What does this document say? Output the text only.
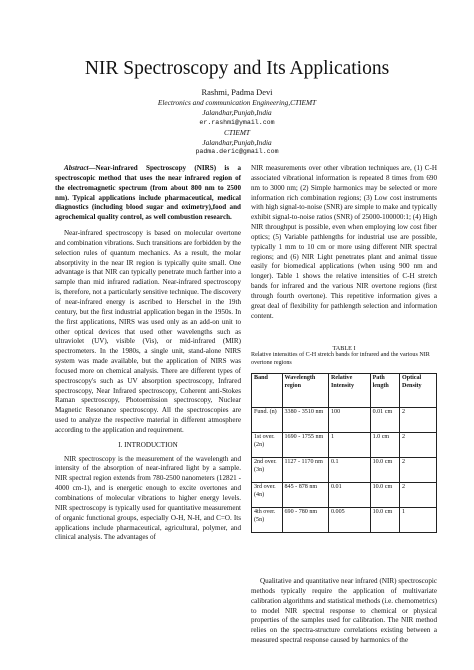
NIR Spectroscopy and Its Applications
Rashmi, Padma Devi
Electronics and communication Engineering,CTIEMT
Jalandhar,Punjab,India
er.rashmi@ymail.com
CTIEMT
Jalandhar,Punjab,India
padma.deric@gmail.com

Abstract—Near-infrared Spectroscopy (NIRS) is a spectroscopic method that uses the near infrared region of the electromagnetic spectrum (from about 800 nm to 2500 nm). Typical applications include pharmaceutical, medical diagnostics (including blood sugar and oximetry),food and agrochemical quality control, as well combustion research.

Near-infrared spectroscopy is based on molecular overtone and combination vibrations. Such transitions are forbidden by the selection rules of quantum mechanics. As a result, the molar absorptivity in the near IR region is typically quite small. One advantage is that NIR can typically penetrate much farther into a sample than mid infrared radiation. Near-infrared spectroscopy is, therefore, not a particularly sensitive technique. The discovery of near-infrared energy is ascribed to Herschel in the 19th century, but the first industrial application began in the 1950s. In the first applications, NIRS was used only as an add-on unit to other optical devices that used other wavelengths such as ultraviolet (UV), visible (Vis), or mid-infrared (MIR) spectrometers. In the 1980s, a single unit, stand-alone NIRS system was made available, but the application of NIRS was focused more on chemical analysis. There are different types of spectroscopy's such as UV absorption spectroscopy, Infrared spectroscopy, Near Infrared spectroscopy, Coherent anti-Stokes Raman spectroscopy, Photoemission spectroscopy, Nuclear Magnetic Resonance spectroscopy. All the spectroscopies are used to analyze the respective material in different atmosphere according to the application and requirement.

I. INTRODUCTION

NIR spectroscopy is the measurement of the wavelength and intensity of the absorption of near-infrared light by a sample. NIR spectral region extends from 780-2500 nanometers (12821 - 4000 cm-1), and is energetic enough to excite overtones and combinations of molecular vibrations to higher energy levels. NIR spectroscopy is typically used for quantitative measurement of organic functional groups, especially O-H, N-H, and C=O. Its applications include pharmaceutical, agricultural, polymer, and clinical analysis. The advantages of

NIR measurements over other vibration techniques are, (1) C-H associated vibrational information is repeated 8 times from 690 nm to 3000 nm; (2) Simple harmonics may be selected or more information rich combination regions; (3) Low cost instruments with high signal-to-noise (SNR) are simple to make and typically exhibit signal-to-noise ratios (SNR) of 25000-100000:1; (4) High NIR throughput is possible, even when employing low cost fiber optics; (5) Variable pathlengths for industrial use are possible, typically 1 mm to 10 cm or more using different NIR spectral regions; and (6) NIR Light penetrates plant and animal tissue easily for biomedical applications (when using 900 nm and longer). Table 1 shows the relative intensities of C-H stretch bands for infrared and the various NIR overtone regions (first through fourth overtone). This repetitive information gives a great deal of flexibility for pathlength selection and information content.

TABLE I
Relative intensities of C-H stretch bands for infrared and the various NIR overtone regions
Band	Wavelength region	Relative Intensity	Path length	Optical Density
Fund. (n)	3380 - 3510 nm	100	0.01 cm	2
1st over. (2n)	1690 - 1755 nm	1	1.0 cm	2
2nd over.(3n)	1127 - 1170 nm	0.1	10.0 cm	2
3rd over. (4n)	845 - 878 nm	0.01	10.0 cm	2
4th over. (5n)	690 - 780 nm	0.005	10.0 cm	1

Qualitative and quantitative near infrared (NIR) spectroscopic methods typically require the application of multivariate calibration algorithms and statistical methods (i.e. chemometrics) to model NIR spectral response to chemical or physical properties of the samples used for calibration. The NIR method relies on the spectra-structure correlations existing between a measured spectral response caused by harmonics of the
